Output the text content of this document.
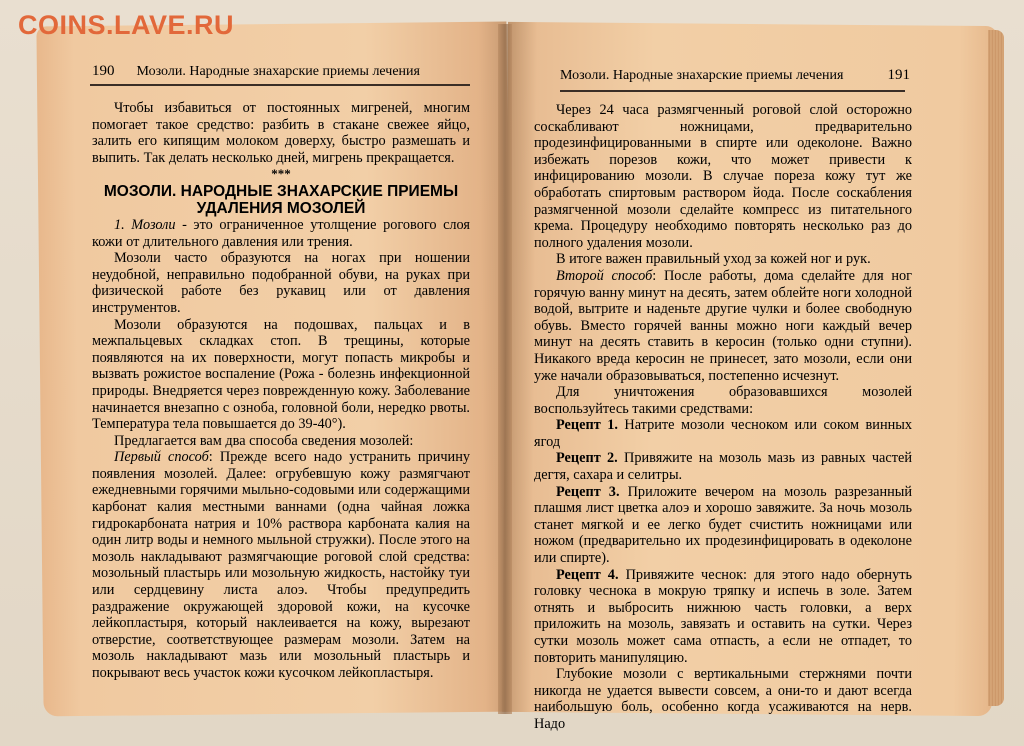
COINS.LAVE.RU
190 Мозоли. Народные знахарские приемы лечения

Чтобы избавиться от постоянных мигреней, многим помогает такое средство: разбить в стакане свежее яйцо, залить его кипящим молоком доверху, быстро размешать и выпить. Так делать несколько дней, мигрень прекращается.

***

МОЗОЛИ. НАРОДНЫЕ ЗНАХАРСКИЕ ПРИЕМЫ УДАЛЕНИЯ МОЗОЛЕЙ

1. Мозоли - это ограниченное утолщение рогового слоя кожи от длительного давления или трения.

Мозоли часто образуются на ногах при ношении неудобной, неправильно подобранной обуви, на руках при физической работе без рукавиц или от давления инструментов.

Мозоли образуются на подошвах, пальцах и в межпальцевых складках стоп. В трещины, которые появляются на их поверхности, могут попасть микробы и вызвать рожистое воспаление (Рожа - болезнь инфекционной природы. Внедряется через поврежденную кожу. Заболевание начинается внезапно с озноба, головной боли, нередко рвоты. Температура тела повышается до 39-40°).

Предлагается вам два способа сведения мозолей:

Первый способ: Прежде всего надо устранить причину появления мозолей. Далее: огрубевшую кожу размягчают ежедневными горячими мыльно-содовыми или содержащими карбонат калия местными ваннами (одна чайная ложка гидрокарбоната натрия и 10% раствора карбоната калия на один литр воды и немного мыльной стружки). После этого на мозоль накладывают размягчающие роговой слой средства: мозольный пластырь или мозольную жидкость, настойку туи или сердцевину листа алоэ. Чтобы предупредить раздражение окружающей здоровой кожи, на кусочке лейкопластыря, который наклеивается на кожу, вырезают отверстие, соответствующее размерам мозоли. Затем на мозоль накладывают мазь или мозольный пластырь и покрывают весь участок кожи кусочком лейкопластыря.

Мозоли. Народные знахарские приемы лечения	191

Через 24 часа размягченный роговой слой осторожно соскабливают ножницами, предварительно продезинфицированными в спирте или одеколоне. Важно избежать порезов кожи, что может привести к инфицированию мозоли. В случае пореза кожу тут же обработать спиртовым раствором йода. После соскабления размягченной мозоли сделайте компресс из питательного крема. Процедуру необходимо повторять несколько раз до полного удаления мозоли.

В итоге важен правильный уход за кожей ног и рук.

Второй способ: После работы, дома сделайте для ног горячую ванну минут на десять, затем облейте ноги холодной водой, вытрите и наденьте другие чулки и более свободную обувь. Вместо горячей ванны можно ноги каждый вечер минут на десять ставить в керосин (только одни ступни). Никакого вреда керосин не принесет, зато мозоли, если они уже начали образовываться, постепенно исчезнут.

Для уничтожения образовавшихся мозолей воспользуйтесь такими средствами:

Рецепт 1. Натрите мозоли чесноком или соком винных ягод

Рецепт 2. Привяжите на мозоль мазь из равных частей дегтя, сахара и селитры.

Рецепт 3. Приложите вечером на мозоль разрезанный плашмя лист цветка алоэ и хорошо завяжите. За ночь мозоль станет мягкой и ее легко будет счистить ножницами или ножом (предварительно их продезинфицировать в одеколоне или спирте).

Рецепт 4. Привяжите чеснок: для этого надо обернуть головку чеснока в мокрую тряпку и испечь в золе. Затем отнять и выбросить нижнюю часть головки, а верх приложить на мозоль, завязать и оставить на сутки. Через сутки мозоль может сама отпасть, а если не отпадет, то повторить манипуляцию.

Глубокие мозоли с вертикальными стержнями почти никогда не удается вывести совсем, а они-то и дают всегда наибольшую боль, особенно когда усаживаются на нерв. Надо
